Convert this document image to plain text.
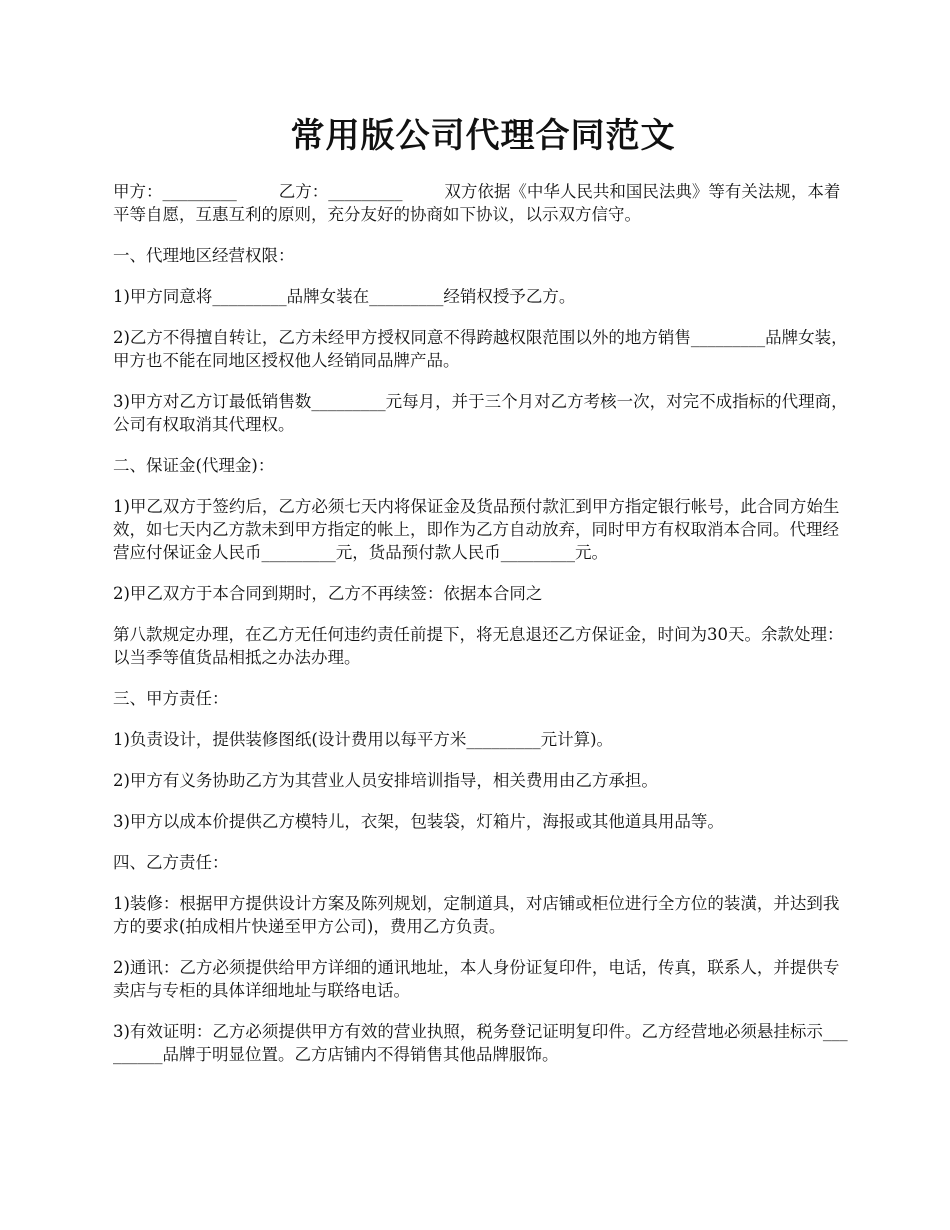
常用版公司代理合同范文

甲方：_________        乙方：_________        双方依据《中华人民共和国民法典》等有关法规，本着平等自愿，互惠互利的原则，充分友好的协商如下协议，以示双方信守。

一、代理地区经营权限：

1)甲方同意将_________品牌女装在_________经销权授予乙方。

2)乙方不得擅自转让，乙方未经甲方授权同意不得跨越权限范围以外的地方销售_________品牌女装，甲方也不能在同地区授权他人经销同品牌产品。

3)甲方对乙方订最低销售数_________元每月，并于三个月对乙方考核一次，对完不成指标的代理商，公司有权取消其代理权。

二、保证金(代理金)：

1)甲乙双方于签约后，乙方必须七天内将保证金及货品预付款汇到甲方指定银行帐号，此合同方始生效，如七天内乙方款未到甲方指定的帐上，即作为乙方自动放弃，同时甲方有权取消本合同。代理经营应付保证金人民币_________元，货品预付款人民币_________元。

2)甲乙双方于本合同到期时，乙方不再续签：依据本合同之

第八款规定办理，在乙方无任何违约责任前提下，将无息退还乙方保证金，时间为30天。余款处理：以当季等值货品相抵之办法办理。

三、甲方责任：

1)负责设计，提供装修图纸(设计费用以每平方米_________元计算)。

2)甲方有义务协助乙方为其营业人员安排培训指导，相关费用由乙方承担。

3)甲方以成本价提供乙方模特儿，衣架，包装袋，灯箱片，海报或其他道具用品等。

四、乙方责任：

1)装修：根据甲方提供设计方案及陈列规划，定制道具，对店铺或柜位进行全方位的装潢，并达到我方的要求(拍成相片快递至甲方公司)，费用乙方负责。

2)通讯：乙方必须提供给甲方详细的通讯地址，本人身份证复印件，电话，传真，联系人，并提供专卖店与专柜的具体详细地址与联络电话。

3)有效证明：乙方必须提供甲方有效的营业执照，税务登记证明复印件。乙方经营地必须悬挂标示_________品牌于明显位置。乙方店铺内不得销售其他品牌服饰。
